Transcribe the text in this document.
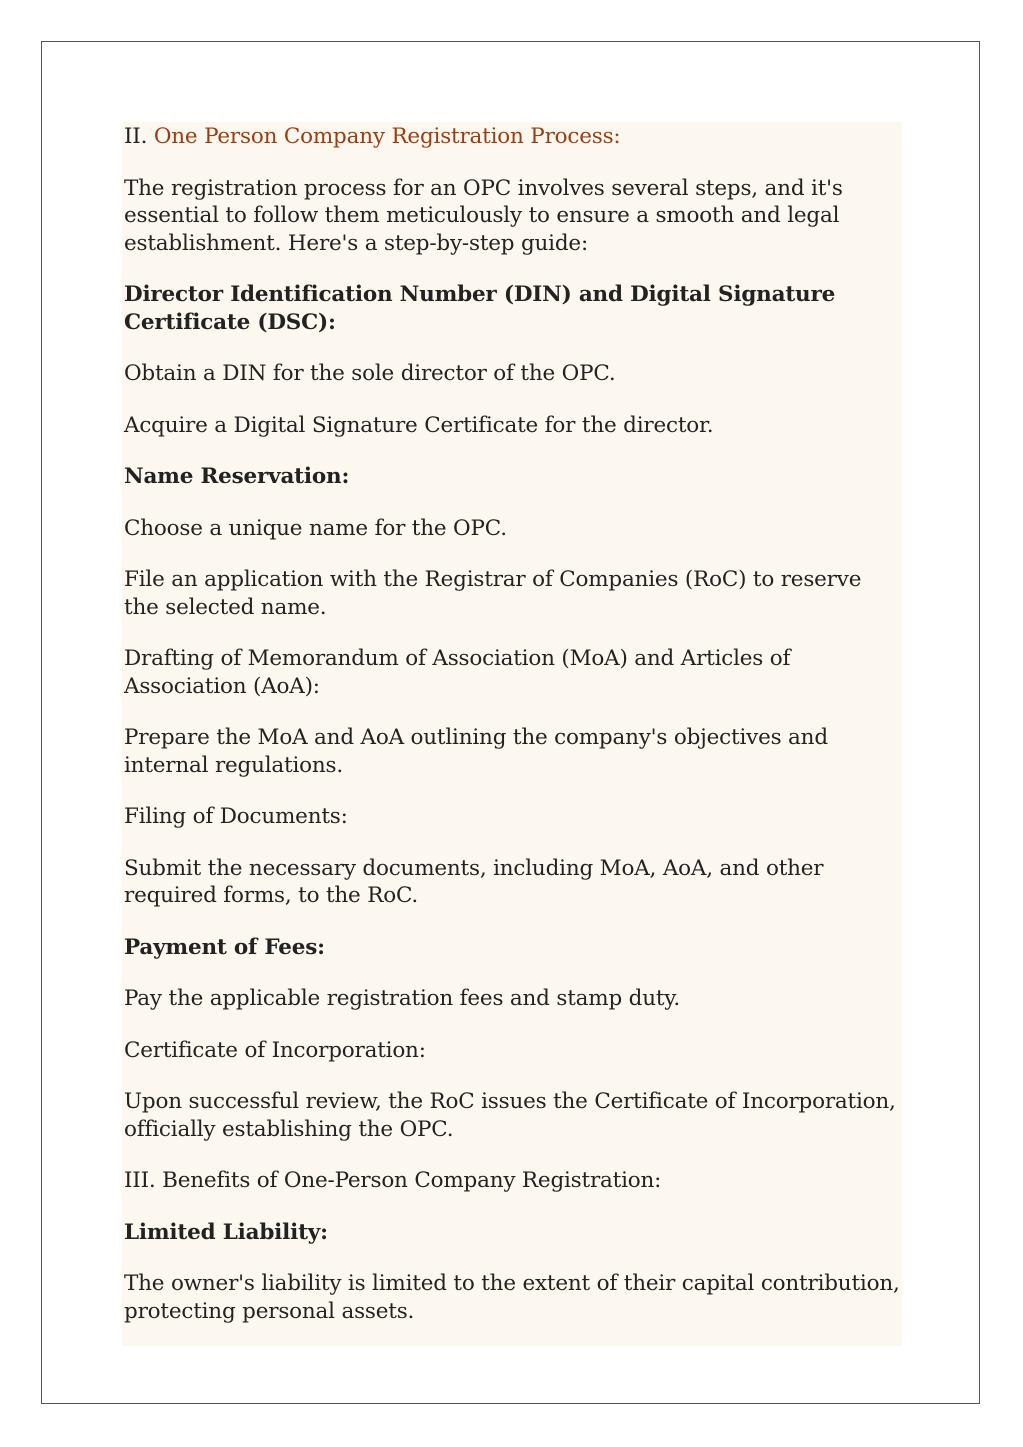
II. One Person Company Registration Process:

The registration process for an OPC involves several steps, and it's essential to follow them meticulously to ensure a smooth and legal establishment. Here's a step-by-step guide:

Director Identification Number (DIN) and Digital Signature Certificate (DSC):

Obtain a DIN for the sole director of the OPC.

Acquire a Digital Signature Certificate for the director.

Name Reservation:

Choose a unique name for the OPC.

File an application with the Registrar of Companies (RoC) to reserve the selected name.

Drafting of Memorandum of Association (MoA) and Articles of Association (AoA):

Prepare the MoA and AoA outlining the company's objectives and internal regulations.

Filing of Documents:

Submit the necessary documents, including MoA, AoA, and other required forms, to the RoC.

Payment of Fees:

Pay the applicable registration fees and stamp duty.

Certificate of Incorporation:

Upon successful review, the RoC issues the Certificate of Incorporation, officially establishing the OPC.

III. Benefits of One-Person Company Registration:

Limited Liability:

The owner's liability is limited to the extent of their capital contribution, protecting personal assets.
